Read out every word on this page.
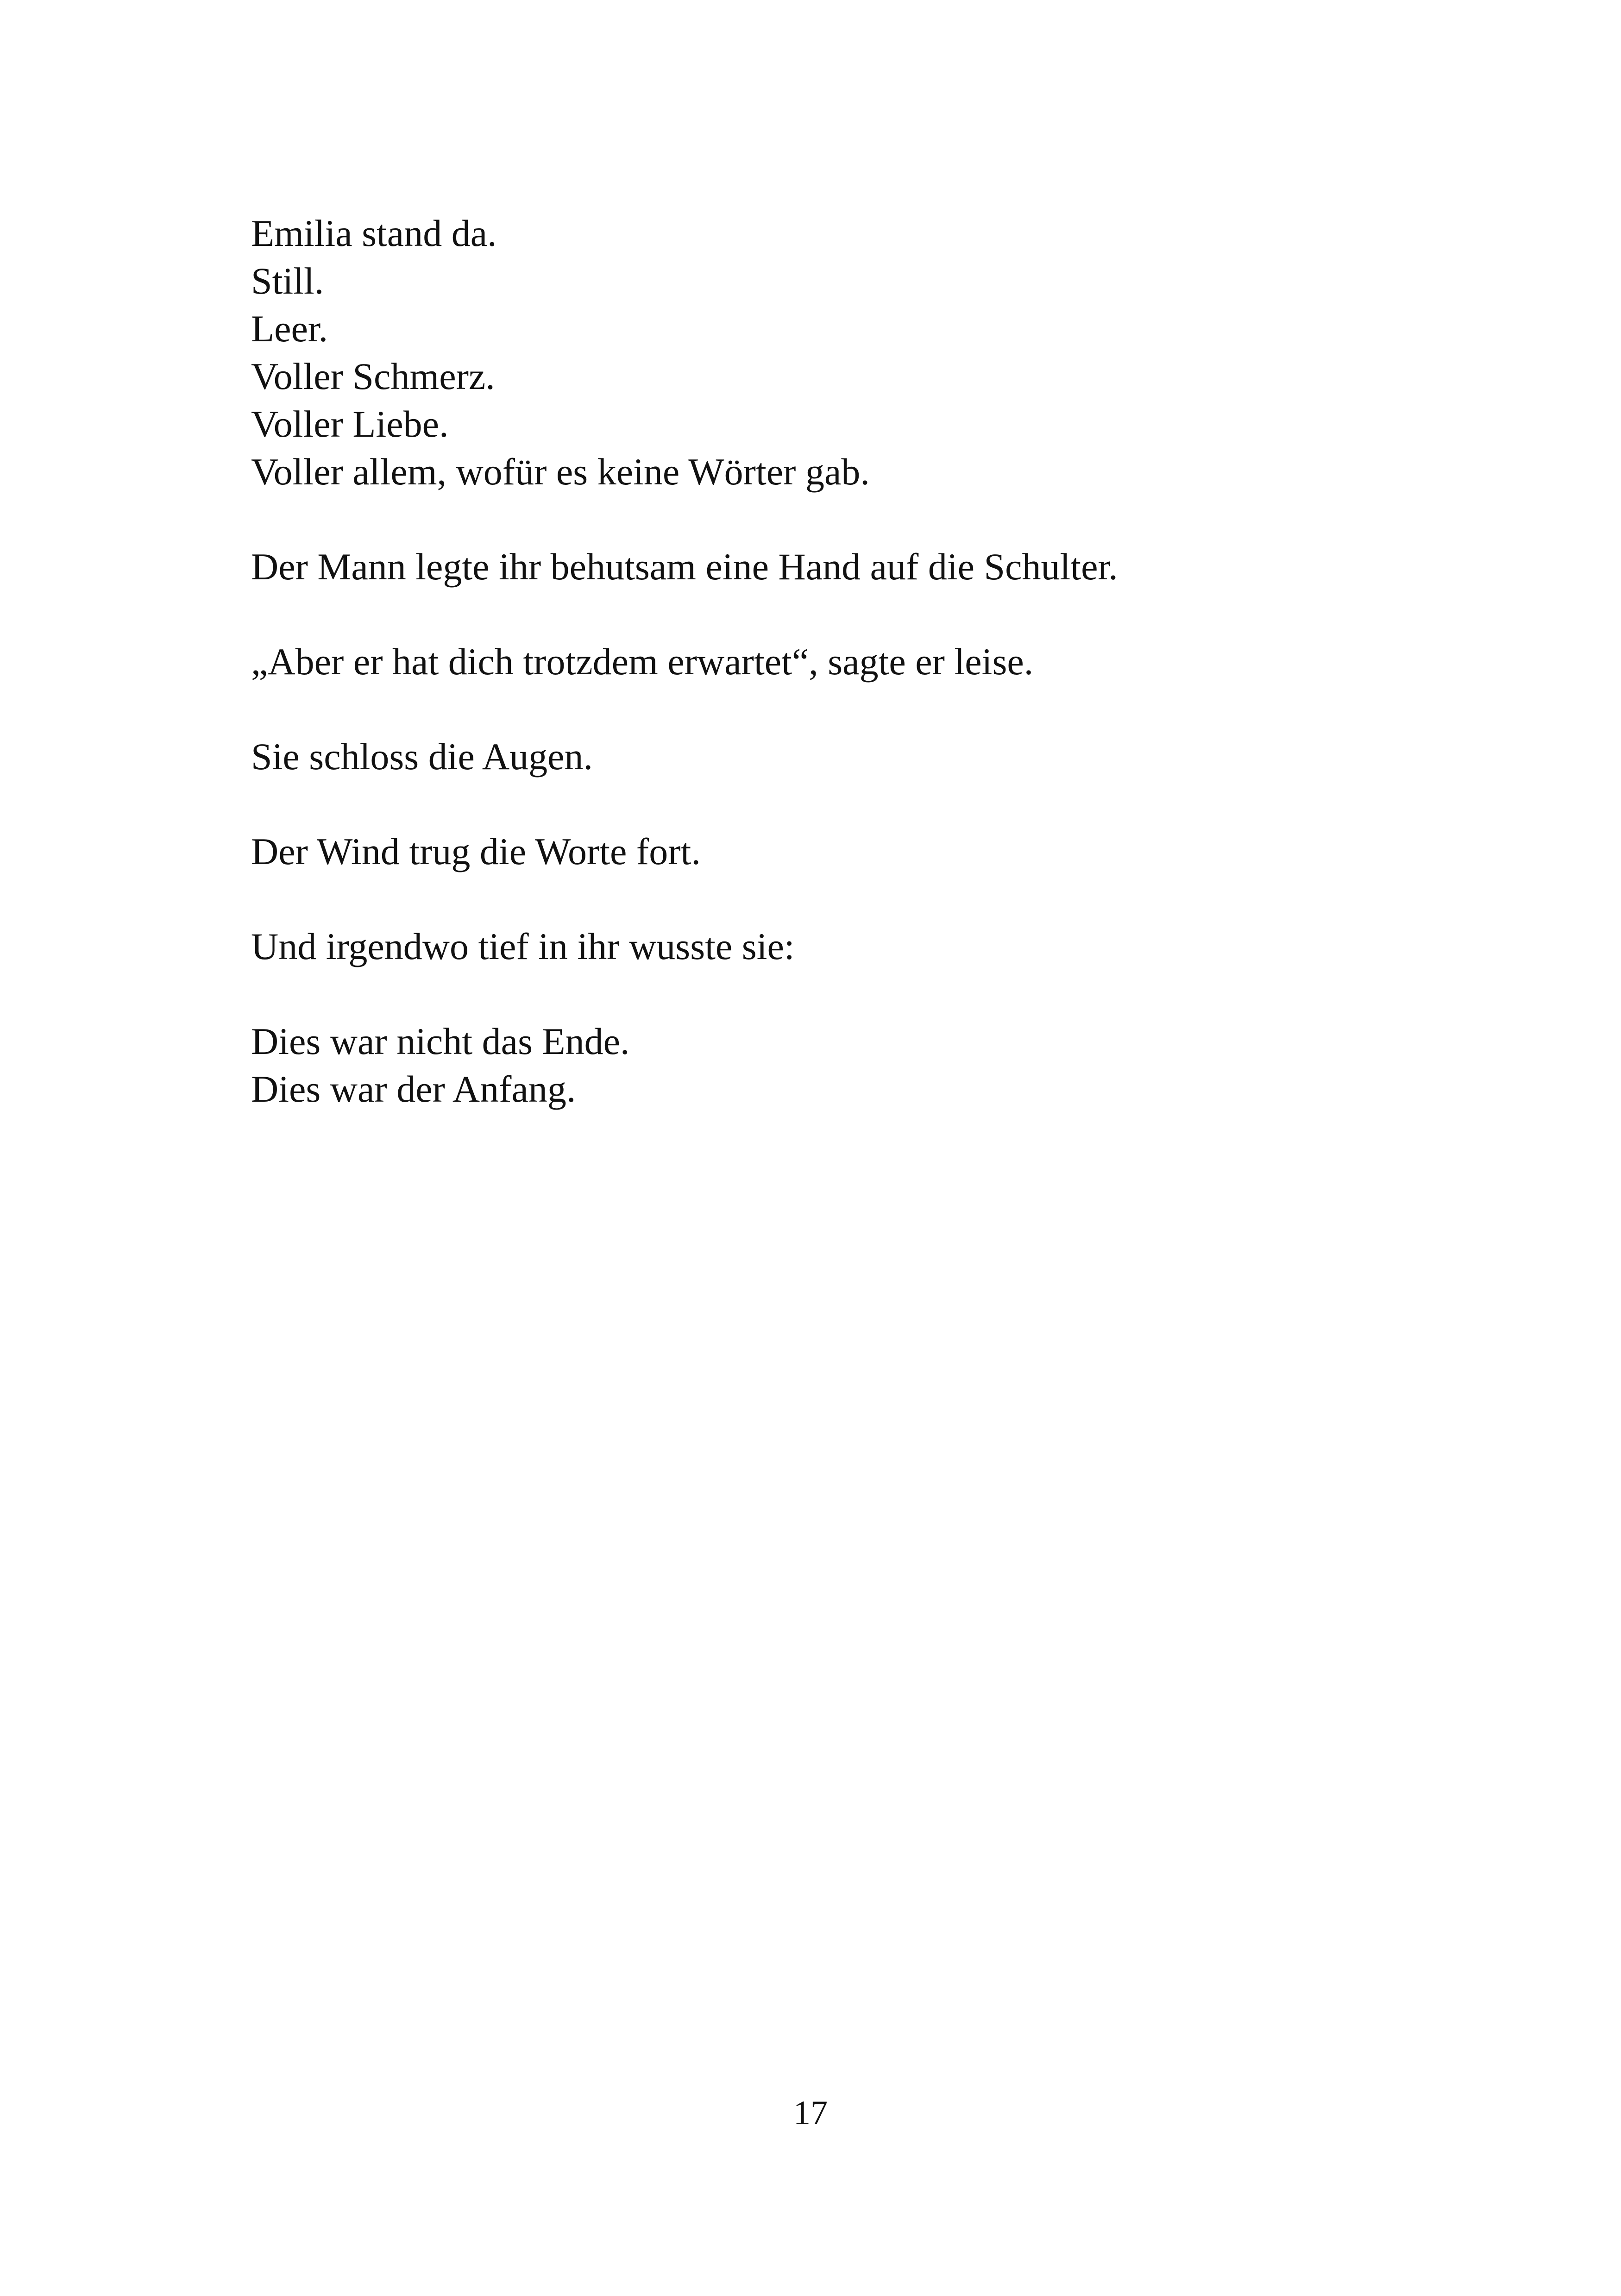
Emilia stand da.
Still.
Leer.
Voller Schmerz.
Voller Liebe.
Voller allem, wofür es keine Wörter gab.
Der Mann legte ihr behutsam eine Hand auf die Schulter.
„Aber er hat dich trotzdem erwartet“, sagte er leise.
Sie schloss die Augen.
Der Wind trug die Worte fort.
Und irgendwo tief in ihr wusste sie:
Dies war nicht das Ende.
Dies war der Anfang.
17
